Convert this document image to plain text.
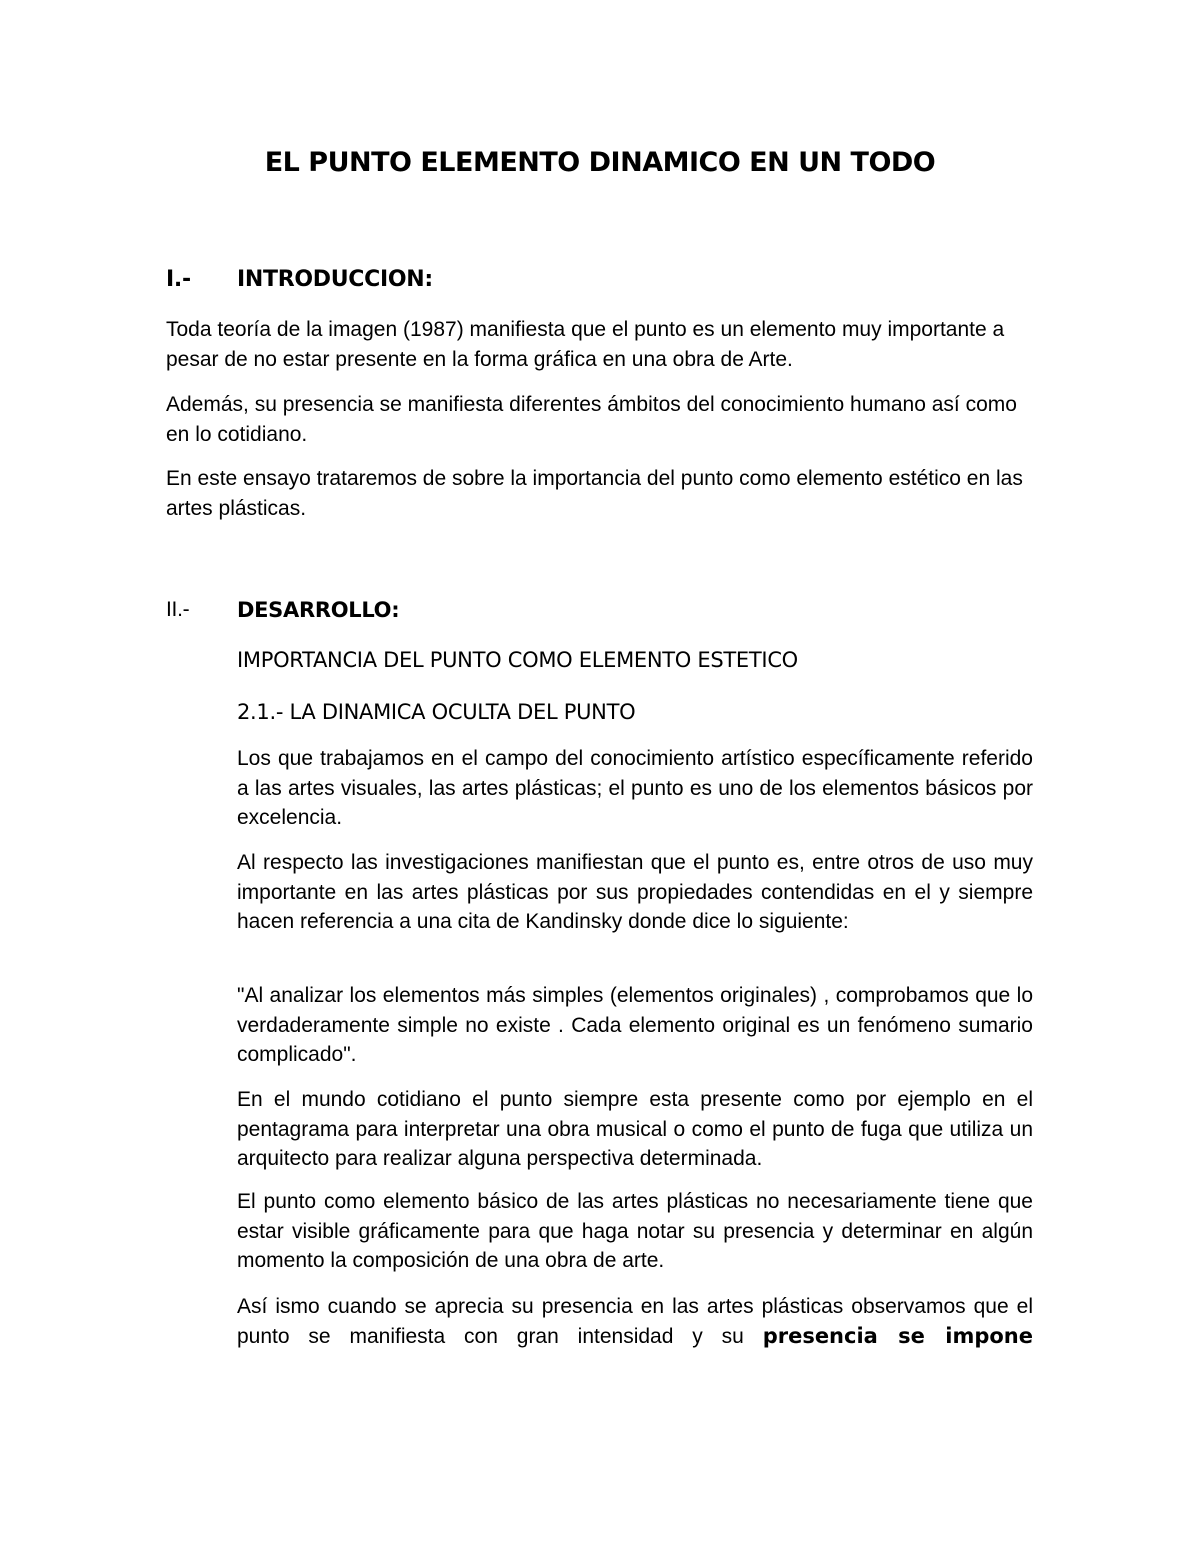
EL PUNTO ELEMENTO DINAMICO EN UN TODO
I.- INTRODUCCION:

Toda teoría de la imagen (1987) manifiesta que el punto es un elemento muy importante a pesar de no estar presente en la forma gráfica en una obra de Arte.

Además, su presencia se manifiesta diferentes ámbitos del conocimiento humano así como en lo cotidiano.

En este ensayo trataremos de sobre la importancia del punto como elemento estético en las artes plásticas.

II.- DESARROLLO:
IMPORTANCIA DEL PUNTO COMO ELEMENTO ESTETICO
2.1.- LA DINAMICA OCULTA DEL PUNTO

Los que trabajamos en el campo del conocimiento artístico específicamente referido a las artes visuales, las artes plásticas; el punto es uno de los elementos básicos por excelencia.

Al respecto las investigaciones manifiestan que el punto es, entre otros de uso muy importante en las artes plásticas por sus propiedades contendidas en el y siempre hacen referencia a una cita de Kandinsky donde dice lo siguiente:

"Al analizar los elementos más simples (elementos originales) , comprobamos que lo verdaderamente simple no existe . Cada elemento original es un fenómeno sumario complicado".

En el mundo cotidiano el punto siempre esta presente como por ejemplo en el pentagrama para interpretar una obra musical o como el punto de fuga que utiliza un arquitecto para realizar alguna perspectiva determinada.

El punto como elemento básico de las artes plásticas no necesariamente tiene que estar visible gráficamente para que haga notar su presencia y determinar en algún momento la composición de una obra de arte.

Así ismo cuando se aprecia su presencia en las artes plásticas observamos que el punto se manifiesta con gran intensidad y su presencia se impone
